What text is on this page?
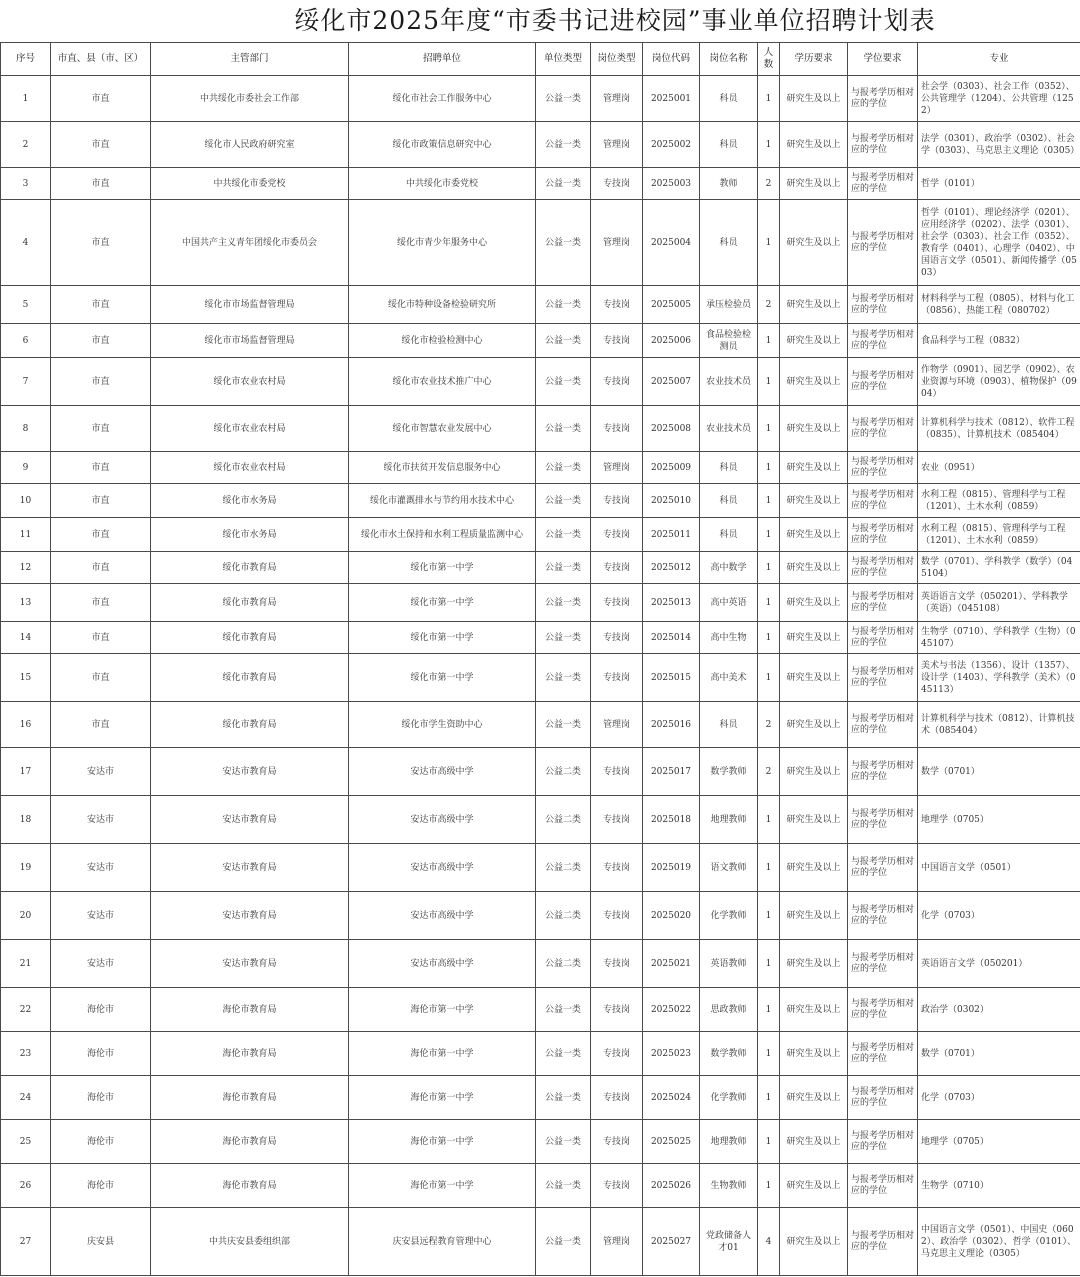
绥化市2025年度“市委书记进校园”事业单位招聘计划表
序号	市直、县（市、区）	主管部门	招聘单位	单位类型	岗位类型	岗位代码	岗位名称	人数	学历要求	学位要求	专业
1	市直	中共绥化市委社会工作部	绥化市社会工作服务中心	公益一类	管理岗	2025001	科员	1	研究生及以上	与报考学历相对应的学位	社会学（0303）、社会工作（0352）、公共管理学（1204）、公共管理（1252）
2	市直	绥化市人民政府研究室	绥化市政策信息研究中心	公益一类	管理岗	2025002	科员	1	研究生及以上	与报考学历相对应的学位	法学（0301）、政治学（0302）、社会学（0303）、马克思主义理论（0305）
3	市直	中共绥化市委党校	中共绥化市委党校	公益一类	专技岗	2025003	教师	2	研究生及以上	与报考学历相对应的学位	哲学（0101）
4	市直	中国共产主义青年团绥化市委员会	绥化市青少年服务中心	公益一类	管理岗	2025004	科员	1	研究生及以上	与报考学历相对应的学位	哲学（0101）、理论经济学（0201）、应用经济学（0202）、法学（0301）、社会学（0303）、社会工作（0352）、教育学（0401）、心理学（0402）、中国语言文学（0501）、新闻传播学（0503）
5	市直	绥化市市场监督管理局	绥化市特种设备检验研究所	公益一类	专技岗	2025005	承压检验员	2	研究生及以上	与报考学历相对应的学位	材料科学与工程（0805）、材料与化工（0856）、热能工程（080702）
6	市直	绥化市市场监督管理局	绥化市检验检测中心	公益一类	专技岗	2025006	食品检验检测员	1	研究生及以上	与报考学历相对应的学位	食品科学与工程（0832）
7	市直	绥化市农业农村局	绥化市农业技术推广中心	公益一类	专技岗	2025007	农业技术员	1	研究生及以上	与报考学历相对应的学位	作物学（0901）、园艺学（0902）、农业资源与环境（0903）、植物保护（0904）
8	市直	绥化市农业农村局	绥化市智慧农业发展中心	公益一类	专技岗	2025008	农业技术员	1	研究生及以上	与报考学历相对应的学位	计算机科学与技术（0812）、软件工程（0835）、计算机技术（085404）
9	市直	绥化市农业农村局	绥化市扶贫开发信息服务中心	公益一类	管理岗	2025009	科员	1	研究生及以上	与报考学历相对应的学位	农业（0951）
10	市直	绥化市水务局	绥化市灌溉排水与节约用水技术中心	公益一类	专技岗	2025010	科员	1	研究生及以上	与报考学历相对应的学位	水利工程（0815）、管理科学与工程（1201）、土木水利（0859）
11	市直	绥化市水务局	绥化市水土保持和水利工程质量监测中心	公益一类	专技岗	2025011	科员	1	研究生及以上	与报考学历相对应的学位	水利工程（0815）、管理科学与工程（1201）、土木水利（0859）
12	市直	绥化市教育局	绥化市第一中学	公益一类	专技岗	2025012	高中数学	1	研究生及以上	与报考学历相对应的学位	数学（0701）、学科教学（数学）（045104）
13	市直	绥化市教育局	绥化市第一中学	公益一类	专技岗	2025013	高中英语	1	研究生及以上	与报考学历相对应的学位	英语语言文学（050201）、学科教学（英语）（045108）
14	市直	绥化市教育局	绥化市第一中学	公益一类	专技岗	2025014	高中生物	1	研究生及以上	与报考学历相对应的学位	生物学（0710）、学科教学（生物）（045107）
15	市直	绥化市教育局	绥化市第一中学	公益一类	专技岗	2025015	高中美术	1	研究生及以上	与报考学历相对应的学位	美术与书法（1356）、设计（1357）、设计学（1403）、学科教学（美术）（045113）
16	市直	绥化市教育局	绥化市学生资助中心	公益一类	管理岗	2025016	科员	2	研究生及以上	与报考学历相对应的学位	计算机科学与技术（0812）、计算机技术（085404）
17	安达市	安达市教育局	安达市高级中学	公益二类	专技岗	2025017	数学教师	2	研究生及以上	与报考学历相对应的学位	数学（0701）
18	安达市	安达市教育局	安达市高级中学	公益二类	专技岗	2025018	地理教师	1	研究生及以上	与报考学历相对应的学位	地理学（0705）
19	安达市	安达市教育局	安达市高级中学	公益二类	专技岗	2025019	语文教师	1	研究生及以上	与报考学历相对应的学位	中国语言文学（0501）
20	安达市	安达市教育局	安达市高级中学	公益二类	专技岗	2025020	化学教师	1	研究生及以上	与报考学历相对应的学位	化学（0703）
21	安达市	安达市教育局	安达市高级中学	公益二类	专技岗	2025021	英语教师	1	研究生及以上	与报考学历相对应的学位	英语语言文学（050201）
22	海伦市	海伦市教育局	海伦市第一中学	公益一类	专技岗	2025022	思政教师	1	研究生及以上	与报考学历相对应的学位	政治学（0302）
23	海伦市	海伦市教育局	海伦市第一中学	公益一类	专技岗	2025023	数学教师	1	研究生及以上	与报考学历相对应的学位	数学（0701）
24	海伦市	海伦市教育局	海伦市第一中学	公益一类	专技岗	2025024	化学教师	1	研究生及以上	与报考学历相对应的学位	化学（0703）
25	海伦市	海伦市教育局	海伦市第一中学	公益一类	专技岗	2025025	地理教师	1	研究生及以上	与报考学历相对应的学位	地理学（0705）
26	海伦市	海伦市教育局	海伦市第一中学	公益一类	专技岗	2025026	生物教师	1	研究生及以上	与报考学历相对应的学位	生物学（0710）
27	庆安县	中共庆安县委组织部	庆安县远程教育管理中心	公益一类	管理岗	2025027	党政储备人才01	4	研究生及以上	与报考学历相对应的学位	中国语言文学（0501）、中国史（0602）、政治学（0302）、哲学（0101）、马克思主义理论（0305）
